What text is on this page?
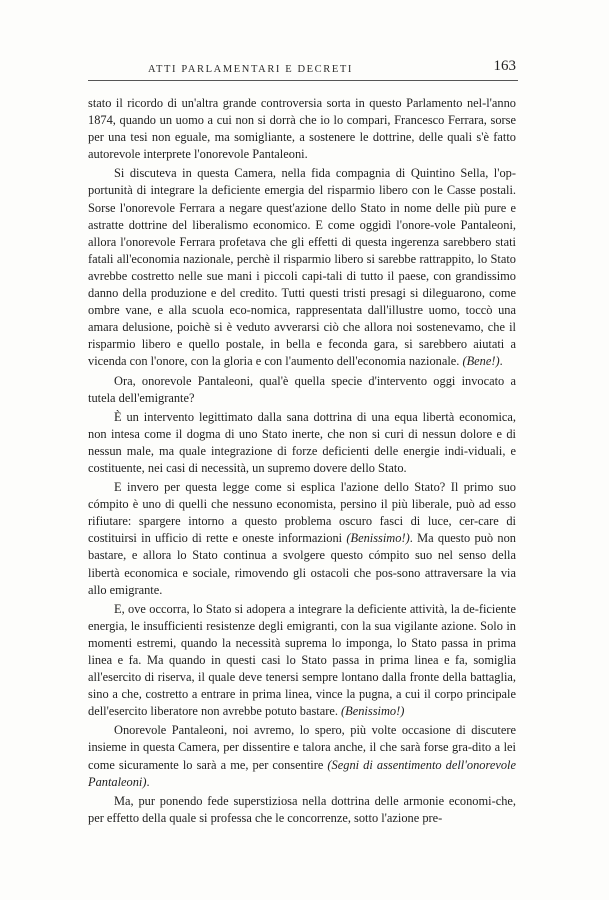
ATTI PARLAMENTARI E DECRETI	163

stato il ricordo di un'altra grande controversia sorta in questo Parlamento nel-l'anno 1874, quando un uomo a cui non si dorrà che io lo compari, Francesco Ferrara, sorse per una tesi non eguale, ma somigliante, a sostenere le dottrine, delle quali s'è fatto autorevole interprete l'onorevole Pantaleoni.

Si discuteva in questa Camera, nella fida compagnia di Quintino Sella, l'op-portunità di integrare la deficiente emergia del risparmio libero con le Casse postali. Sorse l'onorevole Ferrara a negare quest'azione dello Stato in nome delle più pure e astratte dottrine del liberalismo economico. E come oggidì l'onore-vole Pantaleoni, allora l'onorevole Ferrara profetava che gli effetti di questa ingerenza sarebbero stati fatali all'economia nazionale, perchè il risparmio libero si sarebbe rattrappito, lo Stato avrebbe costretto nelle sue mani i piccoli capi-tali di tutto il paese, con grandissimo danno della produzione e del credito. Tutti questi tristi presagi si dileguarono, come ombre vane, e alla scuola eco-nomica, rappresentata dall'illustre uomo, toccò una amara delusione, poichè si è veduto avverarsi ciò che allora noi sostenevamo, che il risparmio libero e quello postale, in bella e feconda gara, si sarebbero aiutati a vicenda con l'onore, con la gloria e con l'aumento dell'economia nazionale. (Bene!).

Ora, onorevole Pantaleoni, qual'è quella specie d'intervento oggi invocato a tutela dell'emigrante?

È un intervento legittimato dalla sana dottrina di una equa libertà economica, non intesa come il dogma di uno Stato inerte, che non si curi di nessun dolore e di nessun male, ma quale integrazione di forze deficienti delle energie indi-viduali, e costituente, nei casi di necessità, un supremo dovere dello Stato.

E invero per questa legge come si esplica l'azione dello Stato? Il primo suo cómpito è uno di quelli che nessuno economista, persino il più liberale, può ad esso rifiutare: spargere intorno a questo problema oscuro fasci di luce, cer-care di costituirsi in ufficio di rette e oneste informazioni (Benissimo!). Ma questo può non bastare, e allora lo Stato continua a svolgere questo cómpito suo nel senso della libertà economica e sociale, rimovendo gli ostacoli che pos-sono attraversare la via allo emigrante.

E, ove occorra, lo Stato si adopera a integrare la deficiente attività, la de-ficiente energia, le insufficienti resistenze degli emigranti, con la sua vigilante azione. Solo in momenti estremi, quando la necessità suprema lo imponga, lo Stato passa in prima linea e fa. Ma quando in questi casi lo Stato passa in prima linea e fa, somiglia all'esercito di riserva, il quale deve tenersi sempre lontano dalla fronte della battaglia, sino a che, costretto a entrare in prima linea, vince la pugna, a cui il corpo principale dell'esercito liberatore non avrebbe potuto bastare. (Benissimo!)

Onorevole Pantaleoni, noi avremo, lo spero, più volte occasione di discutere insieme in questa Camera, per dissentire e talora anche, il che sarà forse gra-dito a lei come sicuramente lo sarà a me, per consentire (Segni di assentimento dell'onorevole Pantaleoni).

Ma, pur ponendo fede superstiziosa nella dottrina delle armonie economi-che, per effetto della quale si professa che le concorrenze, sotto l'azione pre-
